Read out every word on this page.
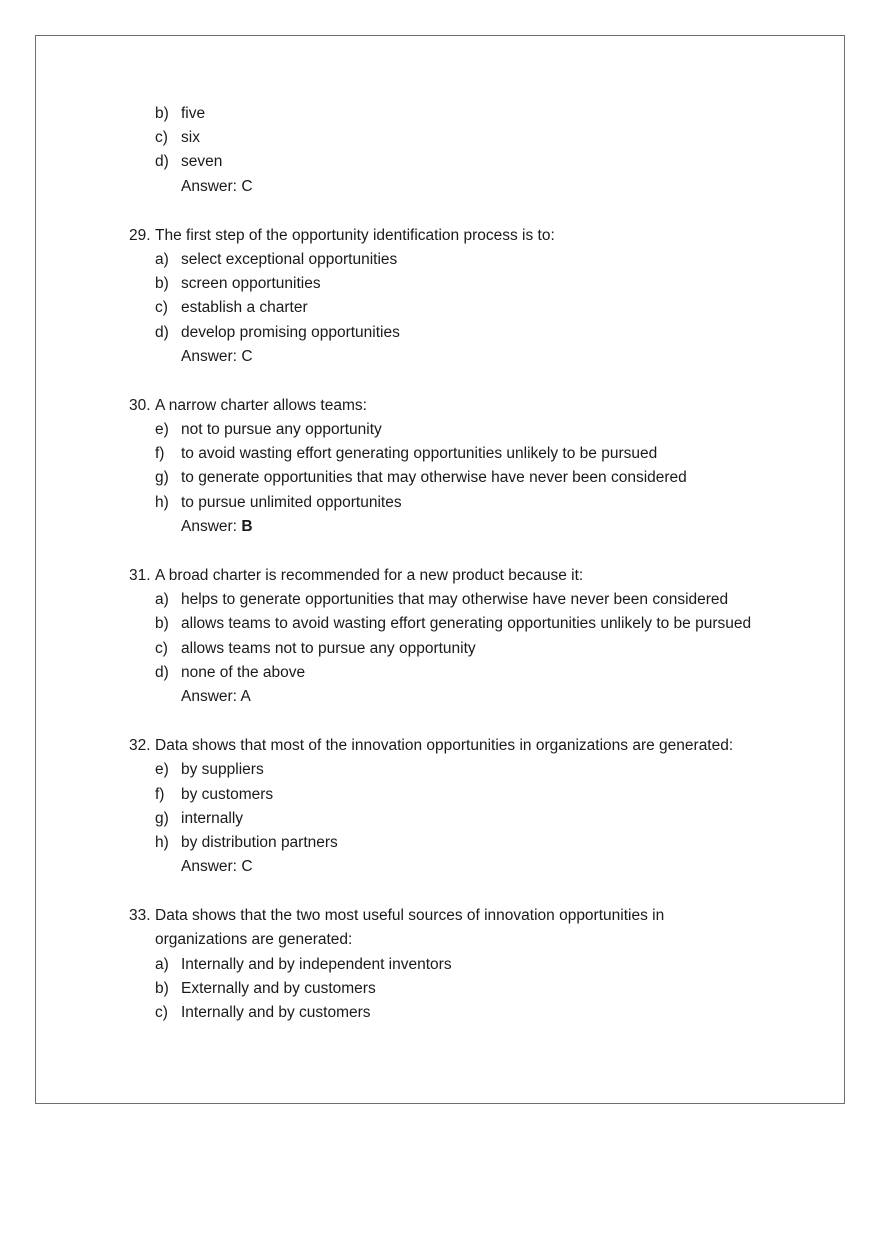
b) five
c) six
d) seven
Answer: C
29. The first step of the opportunity identification process is to:
a) select exceptional opportunities
b) screen opportunities
c) establish a charter
d) develop promising opportunities
Answer: C
30. A narrow charter allows teams:
e) not to pursue any opportunity
f) to avoid wasting effort generating opportunities unlikely to be pursued
g) to generate opportunities that may otherwise have never been considered
h) to pursue unlimited opportunites
Answer: B
31. A broad charter is recommended for a new product because it:
a) helps to generate opportunities that may otherwise have never been considered
b) allows teams to avoid wasting effort generating opportunities unlikely to be pursued
c) allows teams not to pursue any opportunity
d) none of the above
Answer: A
32. Data shows that most of the innovation opportunities in organizations are generated:
e) by suppliers
f) by customers
g) internally
h) by distribution partners
Answer: C
33. Data shows that the two most useful sources of innovation opportunities in
organizations are generated:
a) Internally and by independent inventors
b) Externally and by customers
c) Internally and by customers
